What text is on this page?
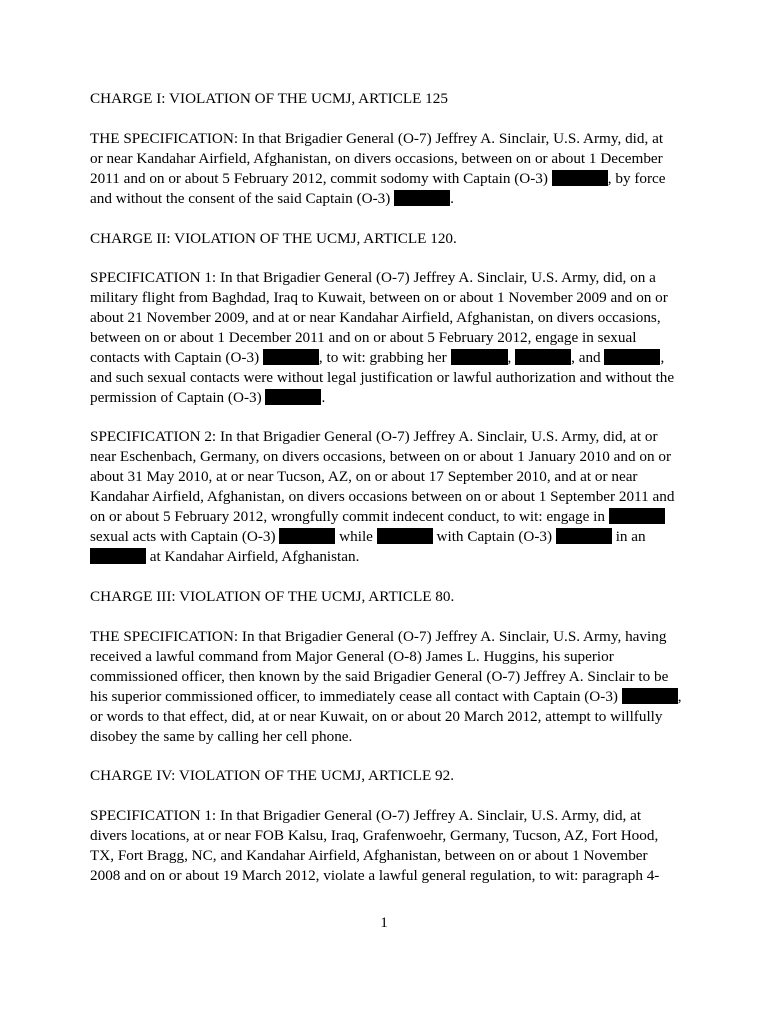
CHARGE I: VIOLATION OF THE UCMJ, ARTICLE 125

THE SPECIFICATION: In that Brigadier General (O-7) Jeffrey A. Sinclair, U.S. Army, did, at
or near Kandahar Airfield, Afghanistan, on divers occasions, between on or about 1 December
2011 and on or about 5 February 2012, commit sodomy with Captain (O-3)	, by force
and without the consent of the said Captain (O-3)	.

CHARGE II: VIOLATION OF THE UCMJ, ARTICLE 120.

SPECIFICATION 1: In that Brigadier General (O-7) Jeffrey A. Sinclair, U.S. Army, did, on a
military flight from Baghdad, Iraq to Kuwait, between on or about 1 November 2009 and on or
about 21 November 2009, and at or near Kandahar Airfield, Afghanistan, on divers occasions,
between on or about 1 December 2011 and on or about 5 February 2012, engage in sexual
contacts with Captain (O-3)	, to wit: grabbing her	,	, and	,
and such sexual contacts were without legal justification or lawful authorization and without the
permission of Captain (O-3)	.

SPECIFICATION 2: In that Brigadier General (O-7) Jeffrey A. Sinclair, U.S. Army, did, at or
near Eschenbach, Germany, on divers occasions, between on or about 1 January 2010 and on or
about 31 May 2010, at or near Tucson, AZ, on or about 17 September 2010, and at or near
Kandahar Airfield, Afghanistan, on divers occasions between on or about 1 September 2011 and
on or about 5 February 2012, wrongfully commit indecent conduct, to wit: engage in
sexual acts with Captain (O-3)	while	with Captain (O-3)	in an
at Kandahar Airfield, Afghanistan.

CHARGE III: VIOLATION OF THE UCMJ, ARTICLE 80.

THE SPECIFICATION: In that Brigadier General (O-7) Jeffrey A. Sinclair, U.S. Army, having
received a lawful command from Major General (O-8) James L. Huggins, his superior
commissioned officer, then known by the said Brigadier General (O-7) Jeffrey A. Sinclair to be
his superior commissioned officer, to immediately cease all contact with Captain (O-3)	,
or words to that effect, did, at or near Kuwait, on or about 20 March 2012, attempt to willfully
disobey the same by calling her cell phone.

CHARGE IV: VIOLATION OF THE UCMJ, ARTICLE 92.

SPECIFICATION 1: In that Brigadier General (O-7) Jeffrey A. Sinclair, U.S. Army, did, at
divers locations, at or near FOB Kalsu, Iraq, Grafenwoehr, Germany, Tucson, AZ, Fort Hood,
TX, Fort Bragg, NC, and Kandahar Airfield, Afghanistan, between on or about 1 November
2008 and on or about 19 March 2012, violate a lawful general regulation, to wit: paragraph 4-

1
